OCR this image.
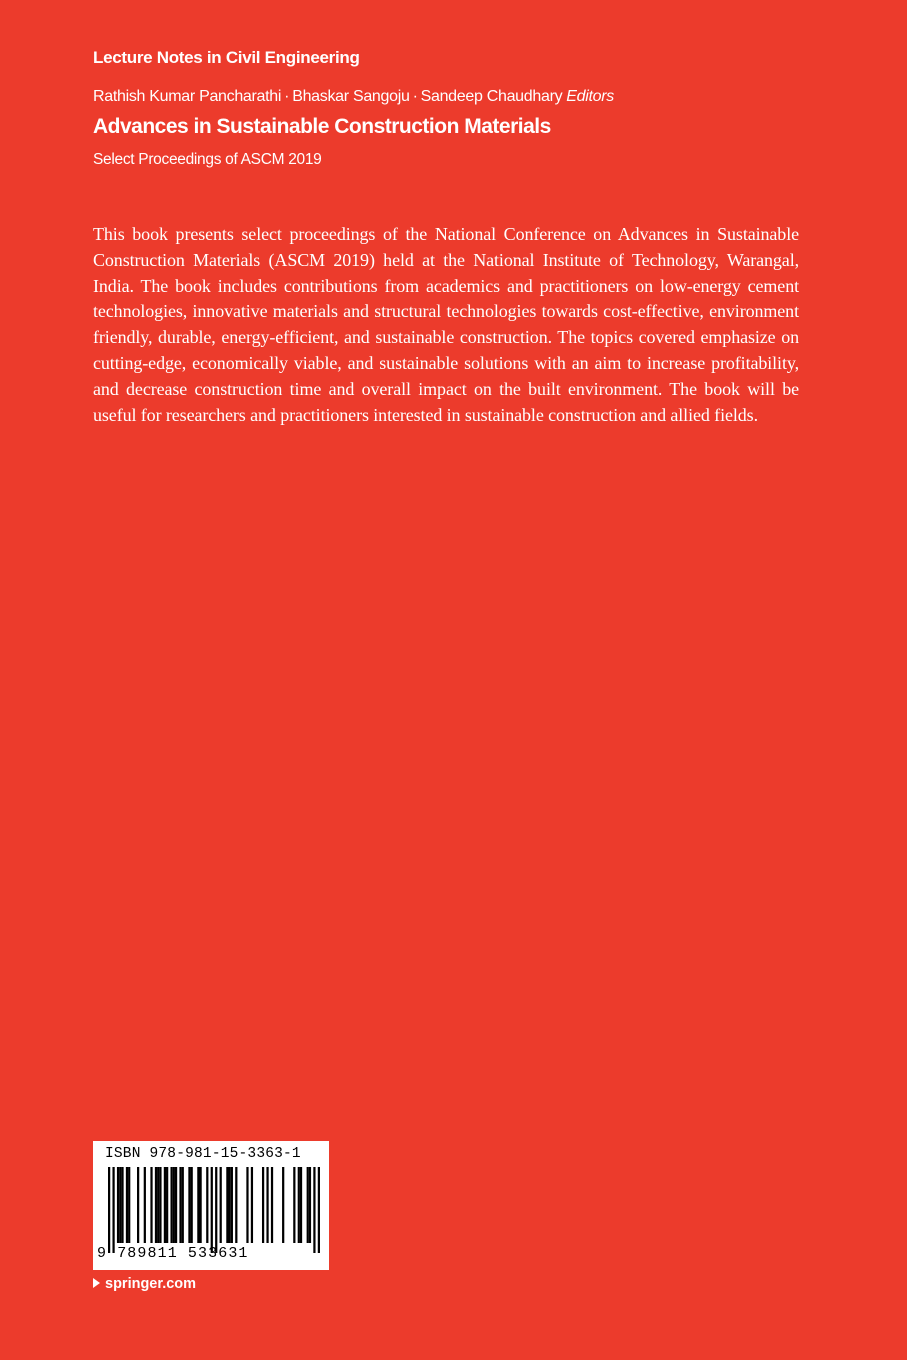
Lecture Notes in Civil Engineering
Rathish Kumar Pancharathi · Bhaskar Sangoju · Sandeep Chaudhary Editors
Advances in Sustainable Construction Materials
Select Proceedings of ASCM 2019
This book presents select proceedings of the National Conference on Advances in Sustainable Construction Materials (ASCM 2019) held at the National Institute of Technology, Warangal, India. The book includes contributions from academics and practitioners on low-energy cement technologies, innovative materials and structural technologies towards cost-effective, environment friendly, durable, energy-efficient, and sustainable construction. The topics covered emphasize on cutting-edge, economically viable, and sustainable solutions with an aim to increase profitability, and decrease construction time and overall impact on the built environment. The book will be useful for researchers and practitioners interested in sustainable construction and allied fields.
ISBN 978-981-15-3363-1
9 789811 533631
springer.com
